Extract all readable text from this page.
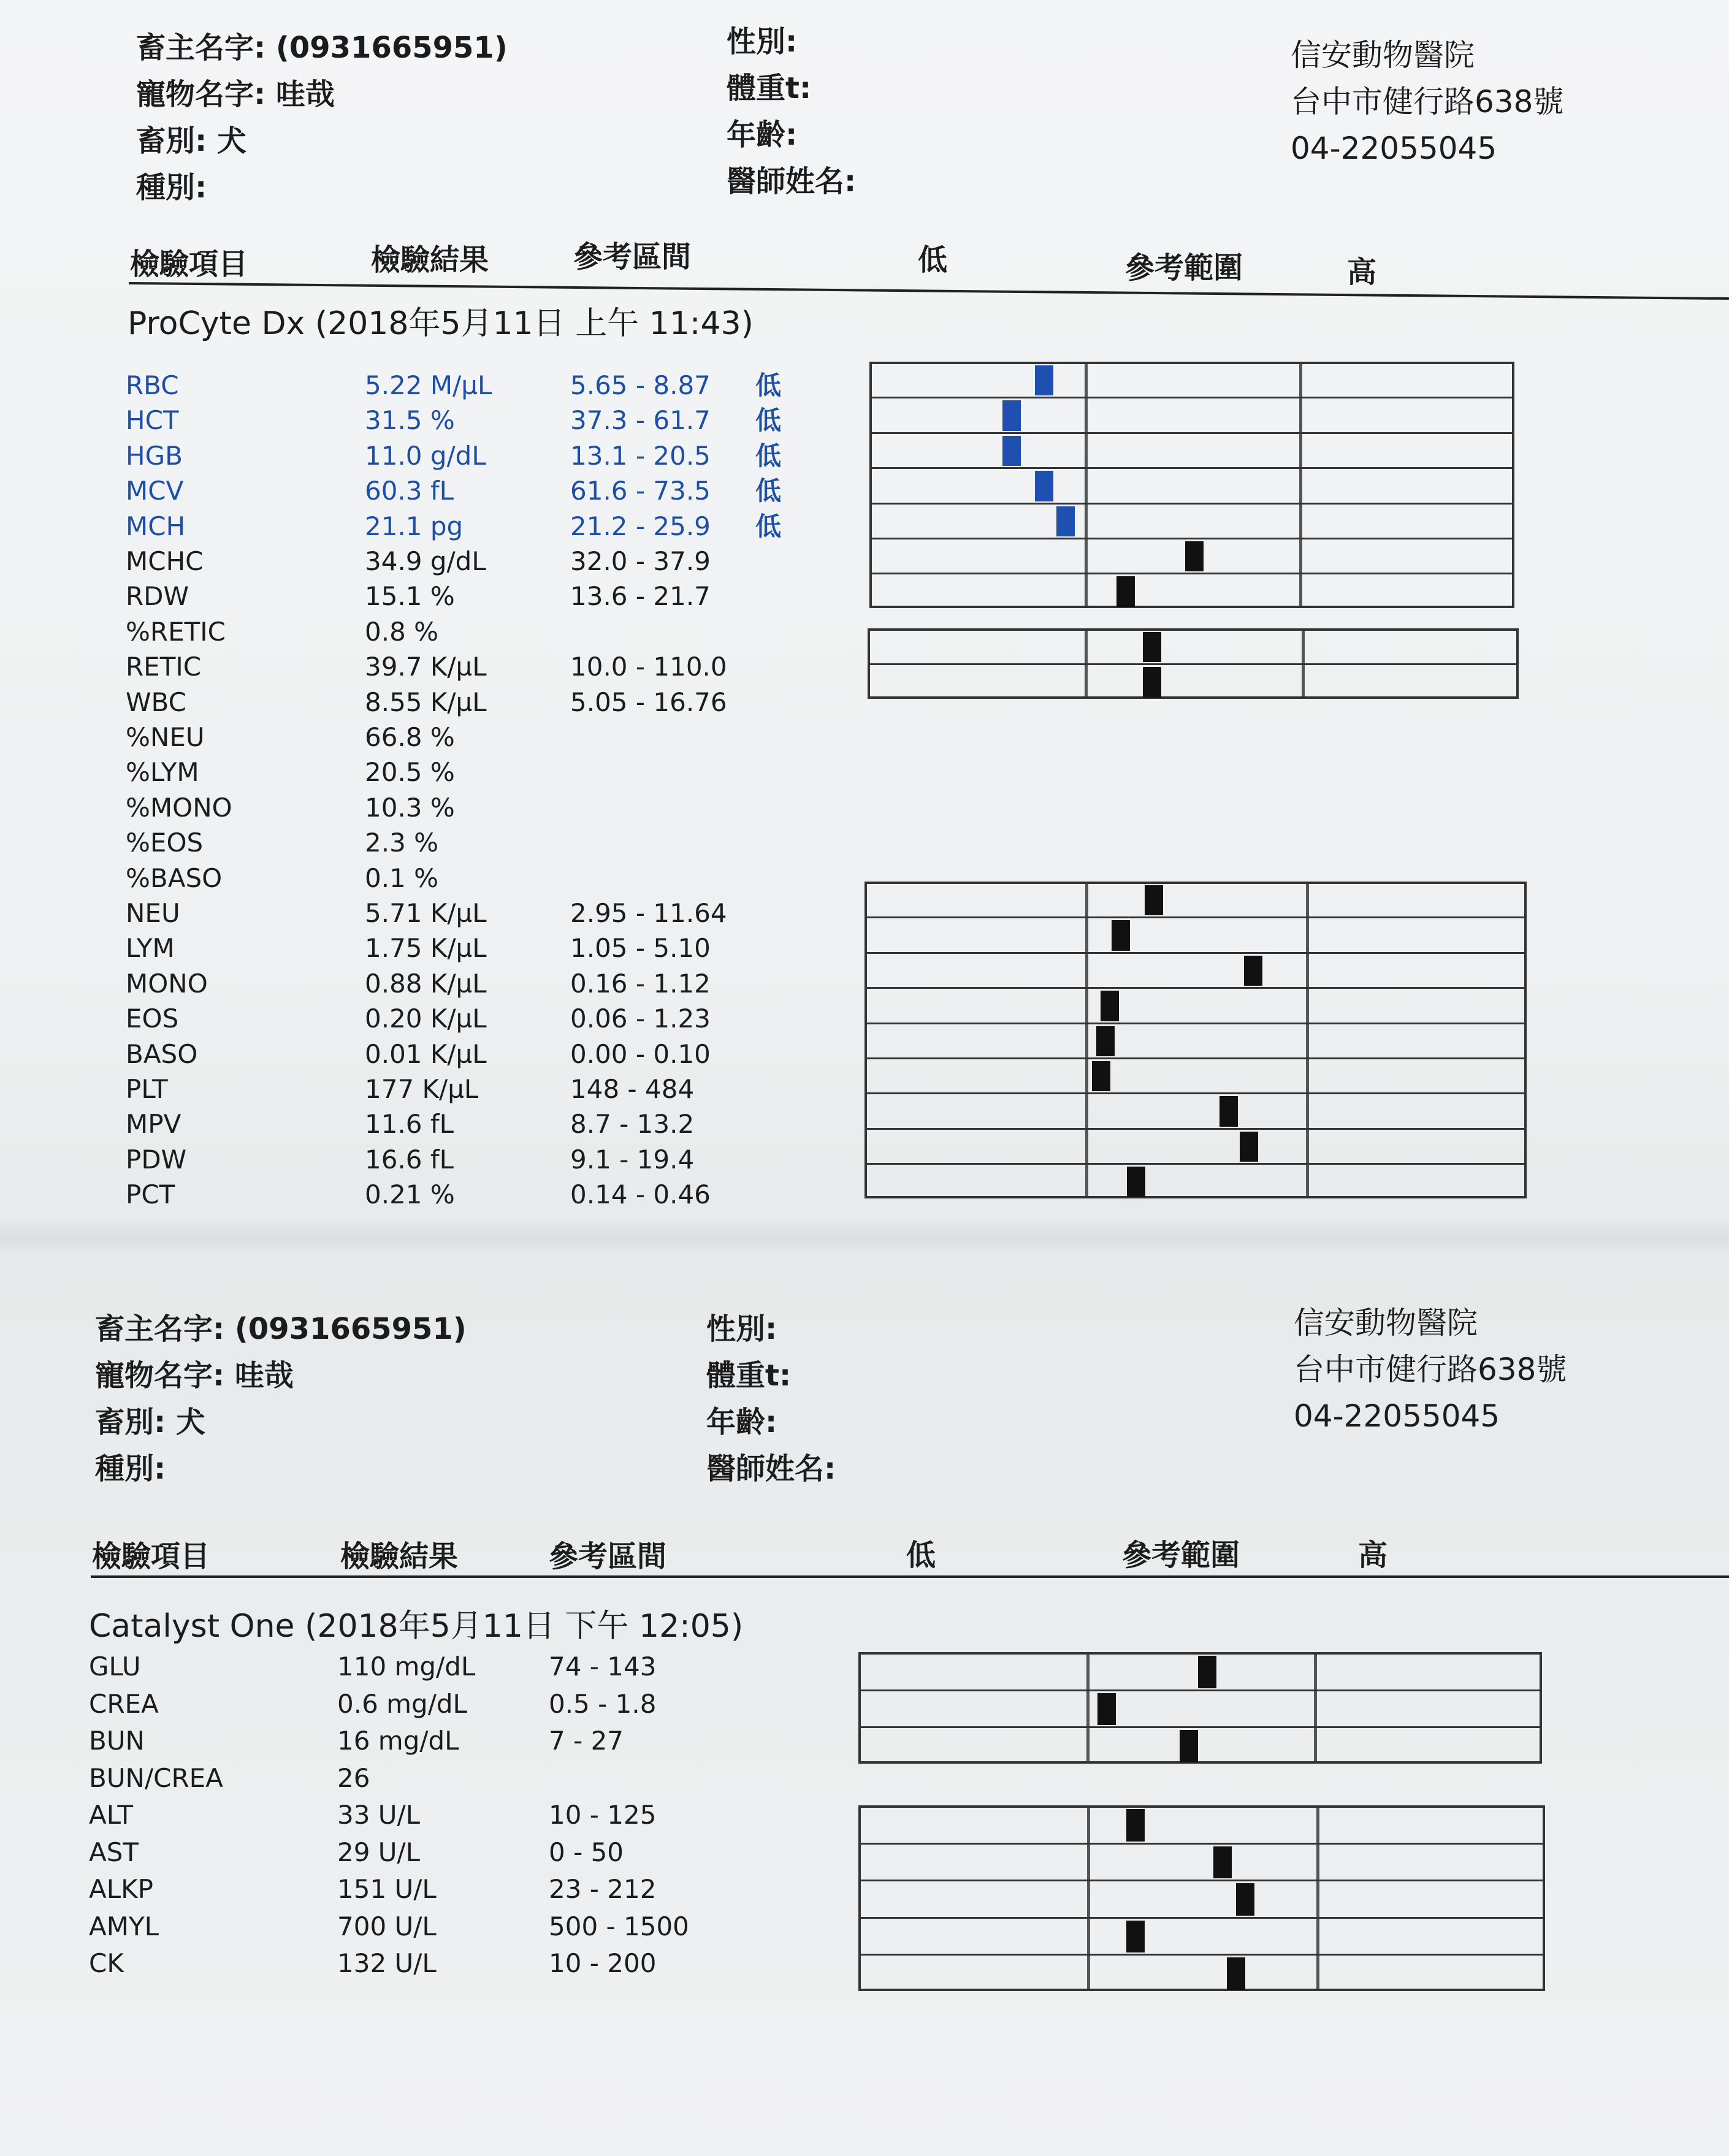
畜主名字: (0931665951)
寵物名字: 哇哉
畜別: 犬
種別:
性別:
體重t:
年齡:
醫師姓名:
信安動物醫院
台中市健行路638號
04-22055045
檢驗項目	檢驗結果	參考區間	低	參考範圍	高
ProCyte Dx (2018年5月11日 上午 11:43)
RBC	5.22 M/µL	5.65 - 8.87 低
HCT	31.5 %	37.3 - 61.7 低
HGB	11.0 g/dL	13.1 - 20.5 低
MCV	60.3 fL	61.6 - 73.5 低
MCH	21.1 pg	21.2 - 25.9 低
MCHC	34.9 g/dL	32.0 - 37.9
RDW	15.1 %	13.6 - 21.7
%RETIC	0.8 %
RETIC	39.7 K/µL	10.0 - 110.0
WBC	8.55 K/µL	5.05 - 16.76
%NEU	66.8 %
%LYM	20.5 %
%MONO	10.3 %
%EOS	2.3 %
%BASO	0.1 %
NEU	5.71 K/µL	2.95 - 11.64
LYM	1.75 K/µL	1.05 - 5.10
MONO	0.88 K/µL	0.16 - 1.12
EOS	0.20 K/µL	0.06 - 1.23
BASO	0.01 K/µL	0.00 - 0.10
PLT	177 K/µL	148 - 484
MPV	11.6 fL	8.7 - 13.2
PDW	16.6 fL	9.1 - 19.4
PCT	0.21 %	0.14 - 0.46
畜主名字: (0931665951)
寵物名字: 哇哉
畜別: 犬
種別:
性別:
體重t:
年齡:
醫師姓名:
信安動物醫院
台中市健行路638號
04-22055045
檢驗項目	檢驗結果	參考區間	低	參考範圍	高
Catalyst One (2018年5月11日 下午 12:05)
GLU	110 mg/dL	74 - 143
CREA	0.6 mg/dL	0.5 - 1.8
BUN	16 mg/dL	7 - 27
BUN/CREA	26
ALT	33 U/L	10 - 125
AST	29 U/L	0 - 50
ALKP	151 U/L	23 - 212
AMYL	700 U/L	500 - 1500
CK	132 U/L	10 - 200
